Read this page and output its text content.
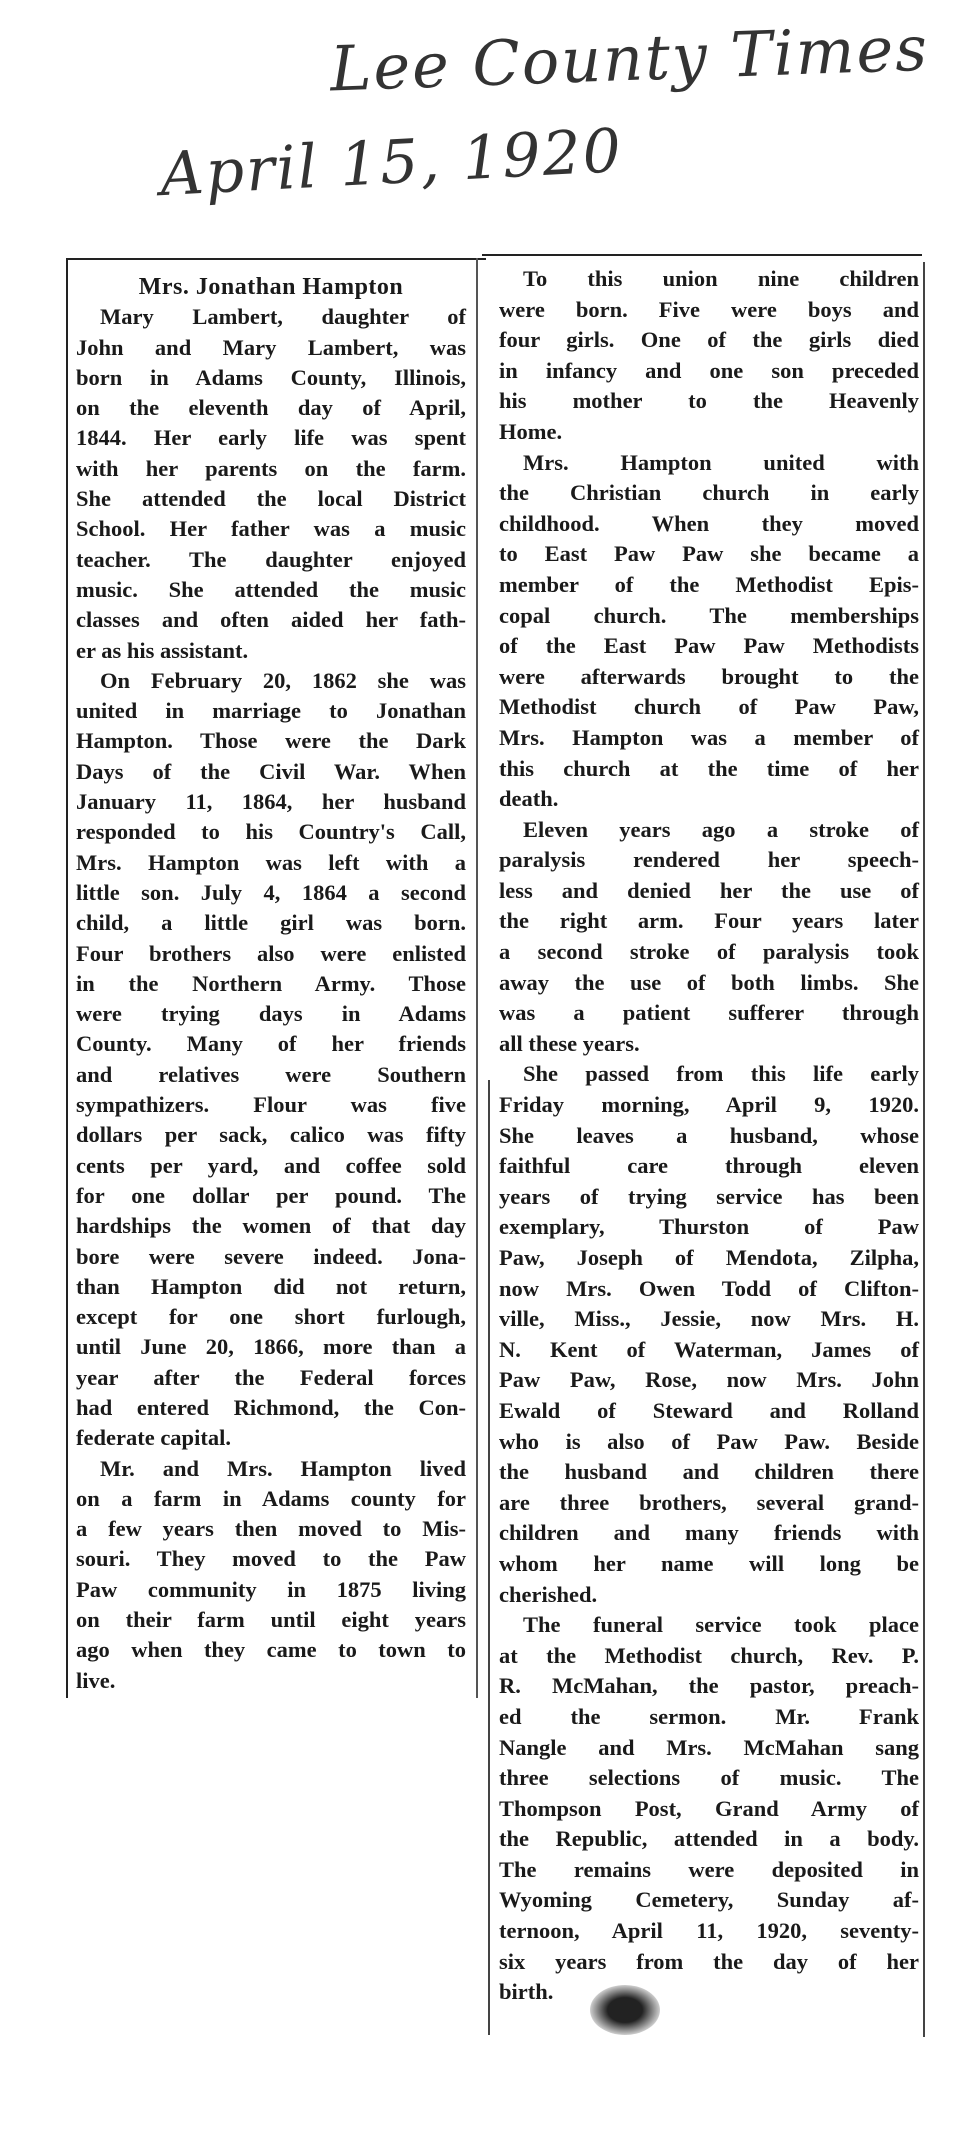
Lee County Times
April 15, 1920
Mrs. Jonathan Hampton
Mary Lambert, daughter of
John and Mary Lambert, was
born in Adams County, Illinois,
on the eleventh day of April,
1844. Her early life was spent
with her parents on the farm.
She attended the local District
School. Her father was a music
teacher. The daughter enjoyed
music. She attended the music
classes and often aided her fath-
er as his assistant.
On February 20, 1862 she was
united in marriage to Jonathan
Hampton. Those were the Dark
Days of the Civil War. When
January 11, 1864, her husband
responded to his Country's Call,
Mrs. Hampton was left with a
little son. July 4, 1864 a second
child, a little girl was born.
Four brothers also were enlisted
in the Northern Army. Those
were trying days in Adams
County. Many of her friends
and relatives were Southern
sympathizers. Flour was five
dollars per sack, calico was fifty
cents per yard, and coffee sold
for one dollar per pound. The
hardships the women of that day
bore were severe indeed. Jona-
than Hampton did not return,
except for one short furlough,
until June 20, 1866, more than a
year after the Federal forces
had entered Richmond, the Con-
federate capital.
Mr. and Mrs. Hampton lived
on a farm in Adams county for
a few years then moved to Mis-
souri. They moved to the Paw
Paw community in 1875 living
on their farm until eight years
ago when they came to town to
live.
To this union nine children
were born. Five were boys and
four girls. One of the girls died
in infancy and one son preceded
his mother to the Heavenly
Home.
Mrs. Hampton united with
the Christian church in early
childhood. When they moved
to East Paw Paw she became a
member of the Methodist Epis-
copal church. The memberships
of the East Paw Paw Methodists
were afterwards brought to the
Methodist church of Paw Paw,
Mrs. Hampton was a member of
this church at the time of her
death.
Eleven years ago a stroke of
paralysis rendered her speech-
less and denied her the use of
the right arm. Four years later
a second stroke of paralysis took
away the use of both limbs. She
was a patient sufferer through
all these years.
She passed from this life early
Friday morning, April 9, 1920.
She leaves a husband, whose
faithful care through eleven
years of trying service has been
exemplary, Thurston of Paw
Paw, Joseph of Mendota, Zilpha,
now Mrs. Owen Todd of Clifton-
ville, Miss., Jessie, now Mrs. H.
N. Kent of Waterman, James of
Paw Paw, Rose, now Mrs. John
Ewald of Steward and Rolland
who is also of Paw Paw. Beside
the husband and children there
are three brothers, several grand-
children and many friends with
whom her name will long be
cherished.
The funeral service took place
at the Methodist church, Rev. P.
R. McMahan, the pastor, preach-
ed the sermon. Mr. Frank
Nangle and Mrs. McMahan sang
three selections of music. The
Thompson Post, Grand Army of
the Republic, attended in a body.
The remains were deposited in
Wyoming Cemetery, Sunday af-
ternoon, April 11, 1920, seventy-
six years from the day of her
birth.
